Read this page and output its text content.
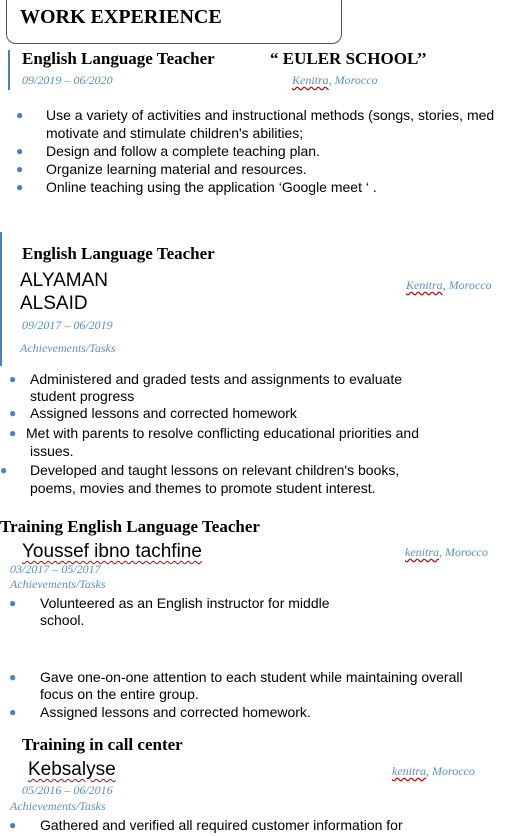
WORK EXPERIENCE
English Language Teacher	“ EULER SCHOOL’’
09/2019 – 06/2020	Kenitra, Morocco
● Use a variety of activities and instructional methods (songs, stories, med
motivate and stimulate children's abilities;
● Design and follow a complete teaching plan.
● Organize learning material and resources.
● Online teaching using the application ‘Google meet ‘ .
English Language Teacher
ALYAMAN
ALSAID
Kenitra, Morocco
09/2017 – 06/2019
Achievements/Tasks
● Administered and graded tests and assignments to evaluate
student progress
● Assigned lessons and corrected homework
● Met with parents to resolve conflicting educational priorities and
issues.
● Developed and taught lessons on relevant children's books,
poems, movies and themes to promote student interest.
Training English Language Teacher
Youssef ibno tachfine	kenitra, Morocco
03/2017 – 05/2017
Achievements/Tasks
● Volunteered as an English instructor for middle
school.
● Gave one-on-one attention to each student while maintaining overall
focus on the entire group.
● Assigned lessons and corrected homework.
Training in call center
Kebsalyse	kenitra, Morocco
05/2016 – 06/2016
Achievements/Tasks
● Gathered and verified all required customer information for
